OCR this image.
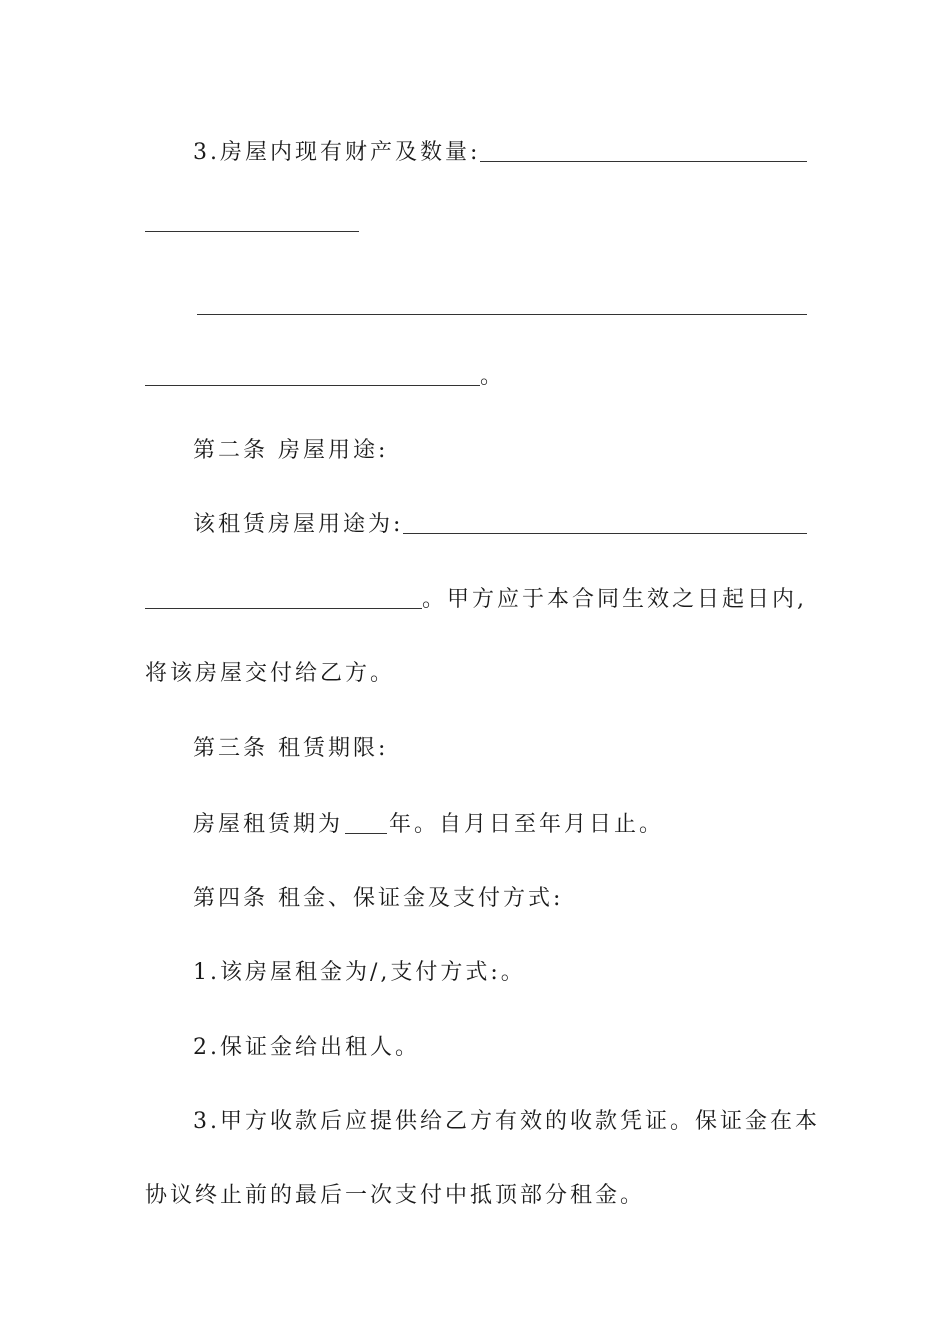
3.房屋内现有财产及数量:
。
第二条 房屋用途:
该租赁房屋用途为:
。甲方应于本合同生效之日起日内,
将该房屋交付给乙方。
第三条 租赁期限:
房屋租赁期为 年。自月日至年月日止。
第四条 租金、保证金及支付方式:
1.该房屋租金为/,支付方式:。
2.保证金给出租人。
3.甲方收款后应提供给乙方有效的收款凭证。保证金在本
协议终止前的最后一次支付中抵顶部分租金。
